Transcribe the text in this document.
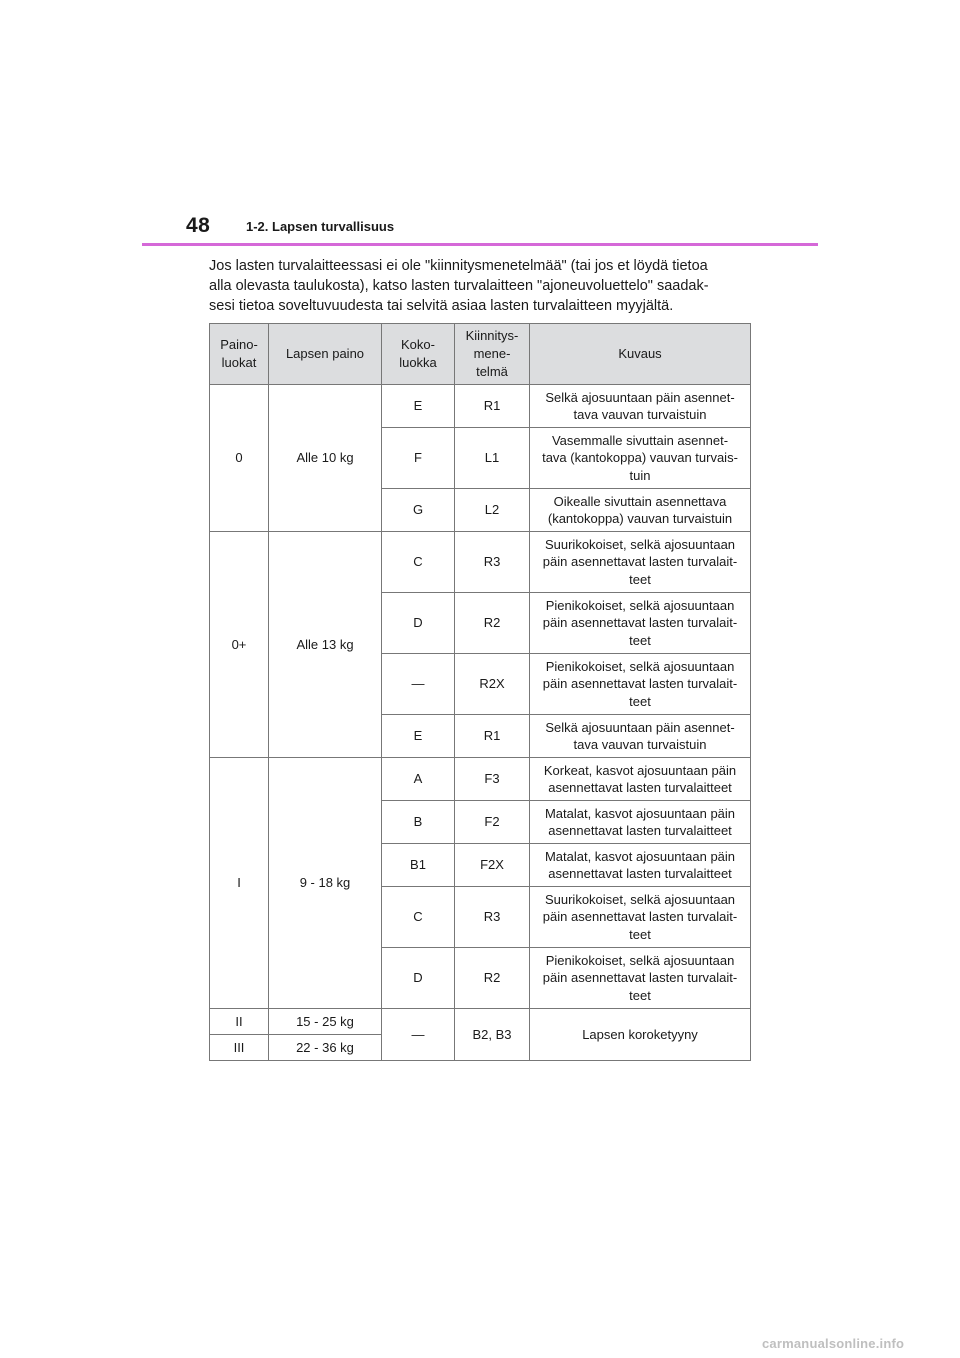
48	1-2. Lapsen turvallisuus

Jos lasten turvalaitteessasi ei ole "kiinnitysmenetelmää" (tai jos et löydä tietoa
alla olevasta taulukosta), katso lasten turvalaitteen "ajoneuvoluettelo" saadak-
sesi tietoa soveltuvuudesta tai selvitä asiaa lasten turvalaitteen myyjältä.

Paino-
luokat	Lapsen paino	Koko-
luokka	Kiinnitys-
mene-
telmä	Kuvaus
0	Alle 10 kg	E	R1	Selkä ajosuuntaan päin asennet-
tava vauvan turvaistuin
		F	L1	Vasemmalle sivuttain asennet-
tava (kantokoppa) vauvan turvais-
tuin
		G	L2	Oikealle sivuttain asennettava
(kantokoppa) vauvan turvaistuin
0+	Alle 13 kg	C	R3	Suurikokoiset, selkä ajosuuntaan
päin asennettavat lasten turvalait-
teet
		D	R2	Pienikokoiset, selkä ajosuuntaan
päin asennettavat lasten turvalait-
teet
		—	R2X	Pienikokoiset, selkä ajosuuntaan
päin asennettavat lasten turvalait-
teet
		E	R1	Selkä ajosuuntaan päin asennet-
tava vauvan turvaistuin
I	9 - 18 kg	A	F3	Korkeat, kasvot ajosuuntaan päin
asennettavat lasten turvalaitteet
		B	F2	Matalat, kasvot ajosuuntaan päin
asennettavat lasten turvalaitteet
		B1	F2X	Matalat, kasvot ajosuuntaan päin
asennettavat lasten turvalaitteet
		C	R3	Suurikokoiset, selkä ajosuuntaan
päin asennettavat lasten turvalait-
teet
		D	R2	Pienikokoiset, selkä ajosuuntaan
päin asennettavat lasten turvalait-
teet
II	15 - 25 kg	—	B2, B3	Lapsen koroketyyny
III	22 - 36 kg			
carmanualsonline.info
